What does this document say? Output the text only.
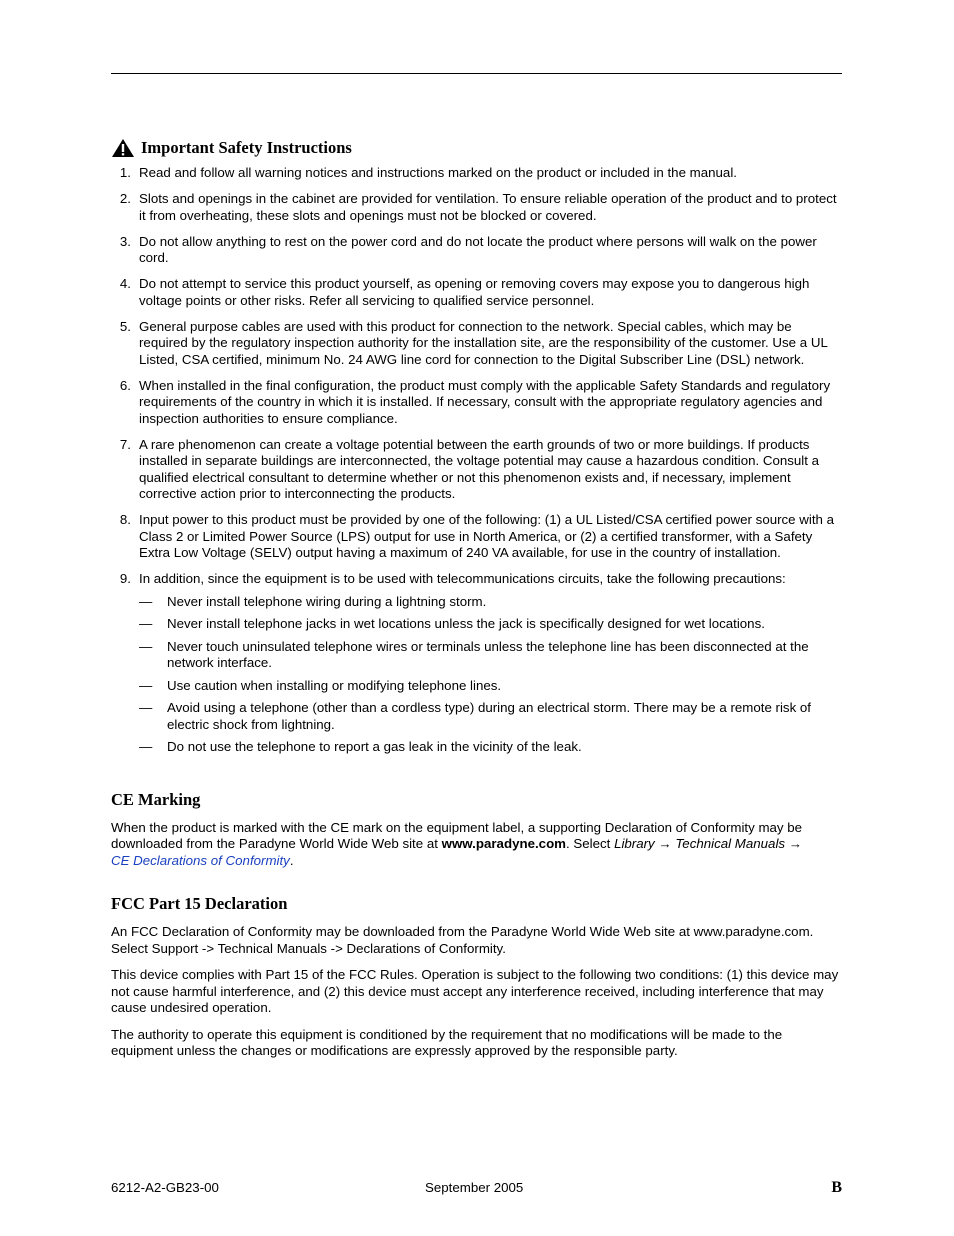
Important Safety Instructions
1. Read and follow all warning notices and instructions marked on the product or included in the manual.
2. Slots and openings in the cabinet are provided for ventilation. To ensure reliable operation of the product and to protect it from overheating, these slots and openings must not be blocked or covered.
3. Do not allow anything to rest on the power cord and do not locate the product where persons will walk on the power cord.
4. Do not attempt to service this product yourself, as opening or removing covers may expose you to dangerous high voltage points or other risks. Refer all servicing to qualified service personnel.
5. General purpose cables are used with this product for connection to the network. Special cables, which may be required by the regulatory inspection authority for the installation site, are the responsibility of the customer. Use a UL Listed, CSA certified, minimum No. 24 AWG line cord for connection to the Digital Subscriber Line (DSL) network.
6. When installed in the final configuration, the product must comply with the applicable Safety Standards and regulatory requirements of the country in which it is installed. If necessary, consult with the appropriate regulatory agencies and inspection authorities to ensure compliance.
7. A rare phenomenon can create a voltage potential between the earth grounds of two or more buildings. If products installed in separate buildings are interconnected, the voltage potential may cause a hazardous condition. Consult a qualified electrical consultant to determine whether or not this phenomenon exists and, if necessary, implement corrective action prior to interconnecting the products.
8. Input power to this product must be provided by one of the following: (1) a UL Listed/CSA certified power source with a Class 2 or Limited Power Source (LPS) output for use in North America, or (2) a certified transformer, with a Safety Extra Low Voltage (SELV) output having a maximum of 240 VA available, for use in the country of installation.
9. In addition, since the equipment is to be used with telecommunications circuits, take the following precautions:
— Never install telephone wiring during a lightning storm.
— Never install telephone jacks in wet locations unless the jack is specifically designed for wet locations.
— Never touch uninsulated telephone wires or terminals unless the telephone line has been disconnected at the network interface.
— Use caution when installing or modifying telephone lines.
— Avoid using a telephone (other than a cordless type) during an electrical storm. There may be a remote risk of electric shock from lightning.
— Do not use the telephone to report a gas leak in the vicinity of the leak.
CE Marking

When the product is marked with the CE mark on the equipment label, a supporting Declaration of Conformity may be downloaded from the Paradyne World Wide Web site at www.paradyne.com. Select Library → Technical Manuals →
CE Declarations of Conformity.

FCC Part 15 Declaration

An FCC Declaration of Conformity may be downloaded from the Paradyne World Wide Web site at www.paradyne.com. Select Support -> Technical Manuals -> Declarations of Conformity.

This device complies with Part 15 of the FCC Rules. Operation is subject to the following two conditions: (1) this device may not cause harmful interference, and (2) this device must accept any interference received, including interference that may cause undesired operation.

The authority to operate this equipment is conditioned by the requirement that no modifications will be made to the equipment unless the changes or modifications are expressly approved by the responsible party.

6212-A2-GB23-00	September 2005	B
